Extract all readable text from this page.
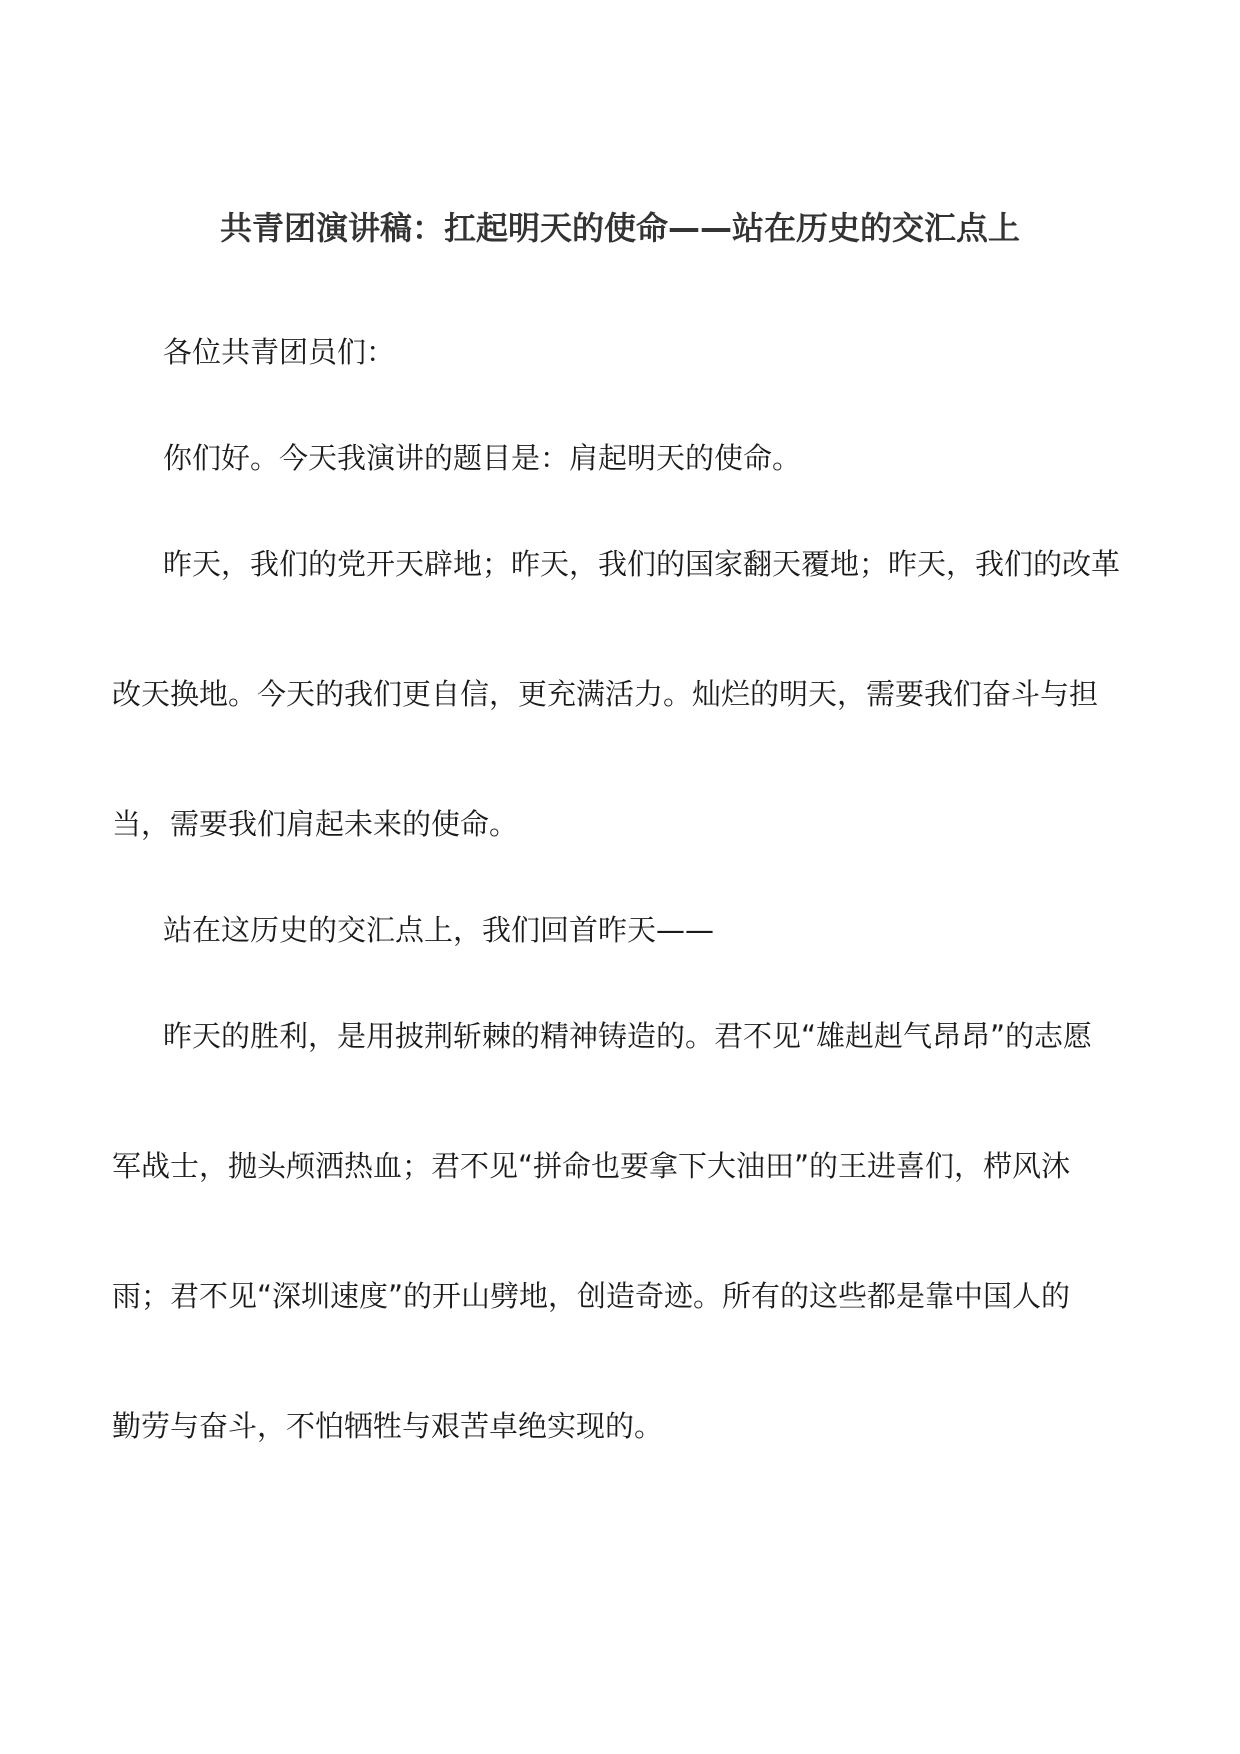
共青团演讲稿：扛起明天的使命——站在历史的交汇点上
各位共青团员们：
你们好。今天我演讲的题目是：肩起明天的使命。
昨天，我们的党开天辟地；昨天，我们的国家翻天覆地；昨天，我们的改革
改天换地。今天的我们更自信，更充满活力。灿烂的明天，需要我们奋斗与担
当，需要我们肩起未来的使命。
站在这历史的交汇点上，我们回首昨天——
昨天的胜利，是用披荆斩棘的精神铸造的。君不见“雄赳赳气昂昂”的志愿
军战士，抛头颅洒热血；君不见“拼命也要拿下大油田”的王进喜们，栉风沐
雨；君不见“深圳速度”的开山劈地，创造奇迹。所有的这些都是靠中国人的
勤劳与奋斗，不怕牺牲与艰苦卓绝实现的。
